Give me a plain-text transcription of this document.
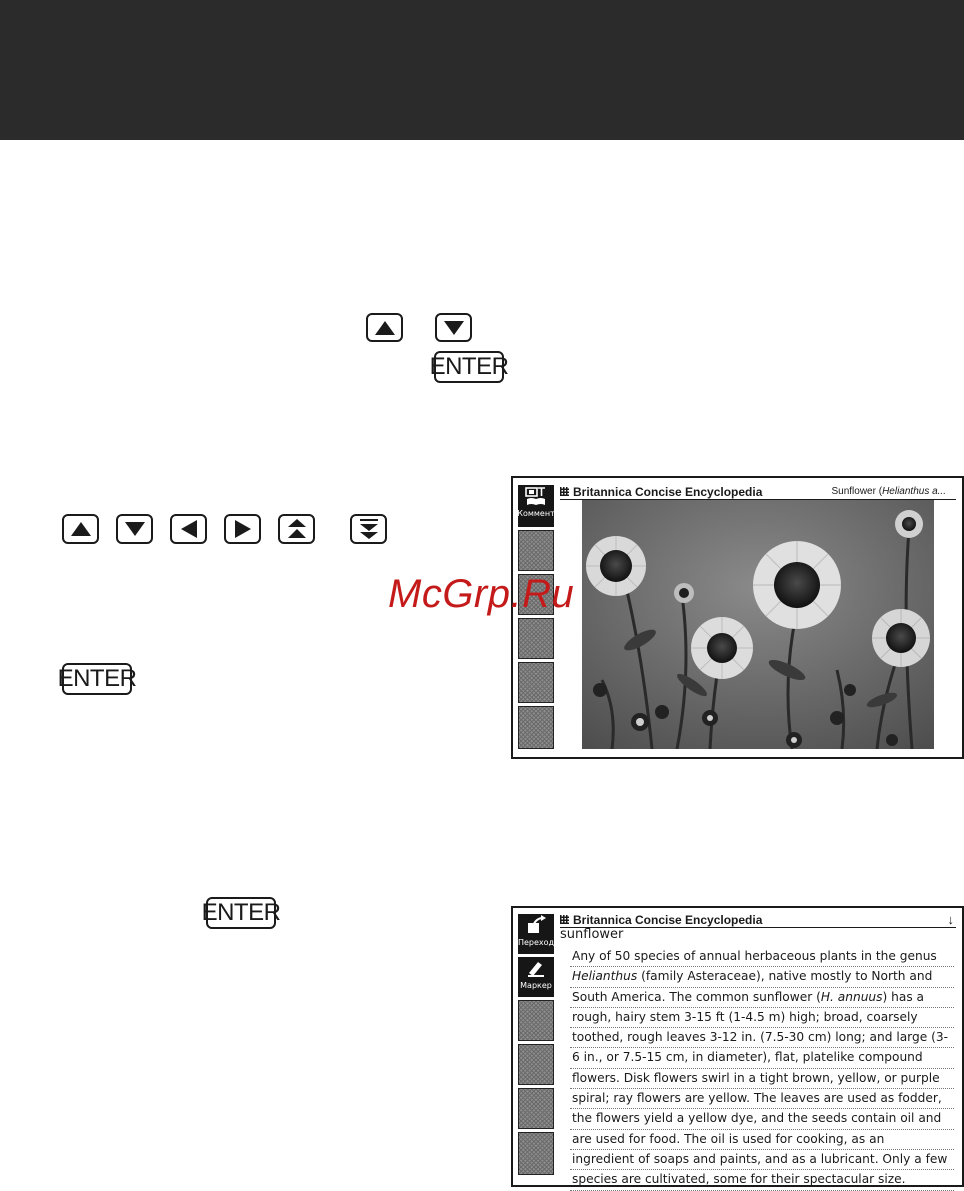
ENTER
ENTER
Коммент
Britannica Concise Encyclopedia	Sunflower (Helianthus a...
McGrp.Ru
ENTER
Переход
Маркер
Britannica Concise Encyclopedia	↓
sunflower
Any of 50 species of annual herbaceous plants in the genus
Helianthus (family Asteraceae), native mostly to North and
South America. The common sunflower (H. annuus) has a
rough, hairy stem 3-15 ft (1-4.5 m) high; broad, coarsely
toothed, rough leaves 3-12 in. (7.5-30 cm) long; and large (3-
6 in., or 7.5-15 cm, in diameter), flat, platelike compound
flowers. Disk flowers swirl in a tight brown, yellow, or purple
spiral; ray flowers are yellow. The leaves are used as fodder,
the flowers yield a yellow dye, and the seeds contain oil and
are used for food. The oil is used for cooking, as an
ingredient of soaps and paints, and as a lubricant. Only a few
species are cultivated, some for their spectacular size.
